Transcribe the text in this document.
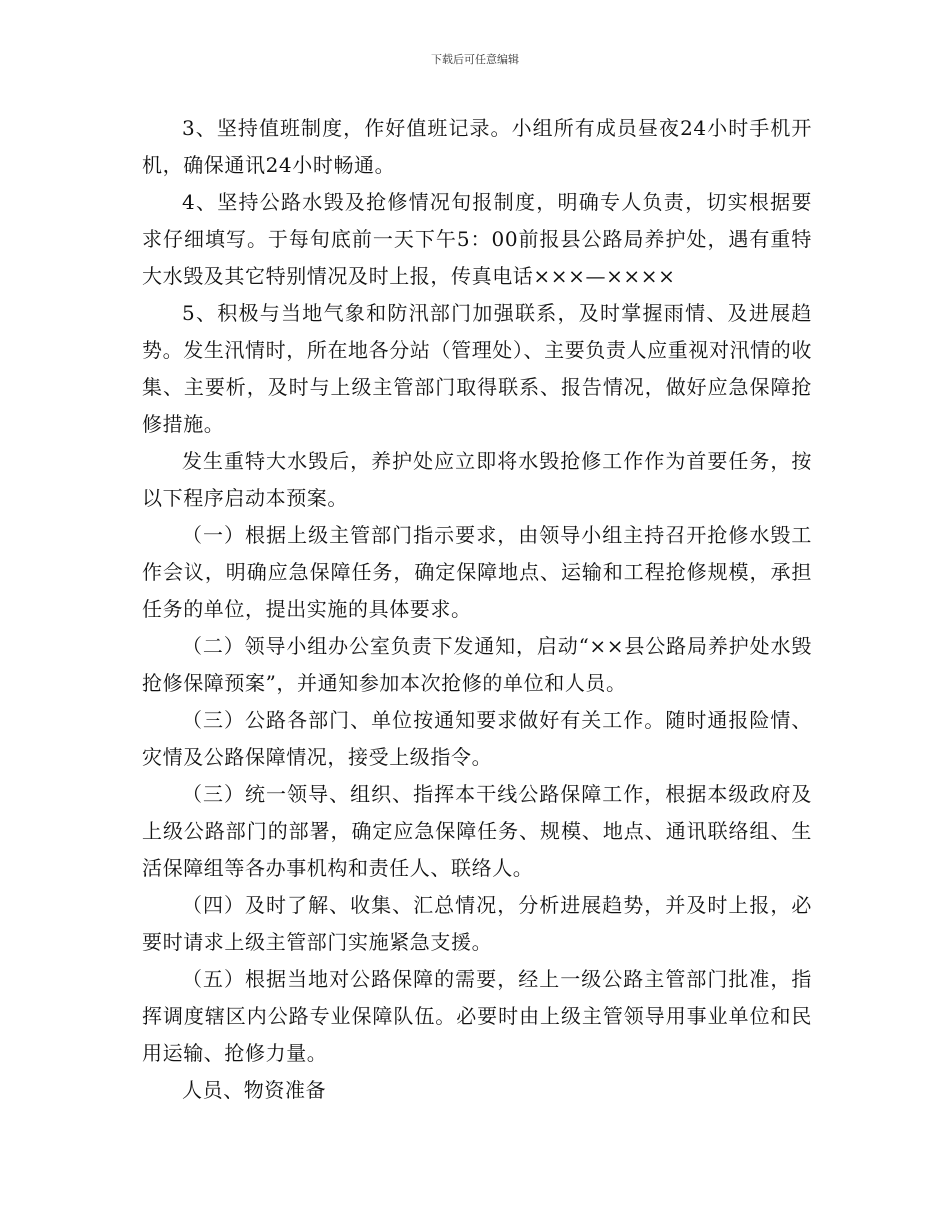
下载后可任意编辑

3、坚持值班制度，作好值班记录。小组所有成员昼夜24小时手机开机，确保通讯24小时畅通。

4、坚持公路水毁及抢修情况旬报制度，明确专人负责，切实根据要求仔细填写。于每旬底前一天下午5：00前报县公路局养护处，遇有重特大水毁及其它特别情况及时上报，传真电话×××—××××

5、积极与当地气象和防汛部门加强联系，及时掌握雨情、及进展趋势。发生汛情时，所在地各分站（管理处）、主要负责人应重视对汛情的收集、主要析，及时与上级主管部门取得联系、报告情况，做好应急保障抢修措施。

发生重特大水毁后，养护处应立即将水毁抢修工作作为首要任务，按以下程序启动本预案。

（一）根据上级主管部门指示要求，由领导小组主持召开抢修水毁工作会议，明确应急保障任务，确定保障地点、运输和工程抢修规模，承担任务的单位，提出实施的具体要求。

（二）领导小组办公室负责下发通知，启动“××县公路局养护处水毁抢修保障预案”，并通知参加本次抢修的单位和人员。

（三）公路各部门、单位按通知要求做好有关工作。随时通报险情、灾情及公路保障情况，接受上级指令。

（三）统一领导、组织、指挥本干线公路保障工作，根据本级政府及上级公路部门的部署，确定应急保障任务、规模、地点、通讯联络组、生活保障组等各办事机构和责任人、联络人。

（四）及时了解、收集、汇总情况，分析进展趋势，并及时上报，必要时请求上级主管部门实施紧急支援。

（五）根据当地对公路保障的需要，经上一级公路主管部门批准，指挥调度辖区内公路专业保障队伍。必要时由上级主管领导用事业单位和民用运输、抢修力量。

人员、物资准备
